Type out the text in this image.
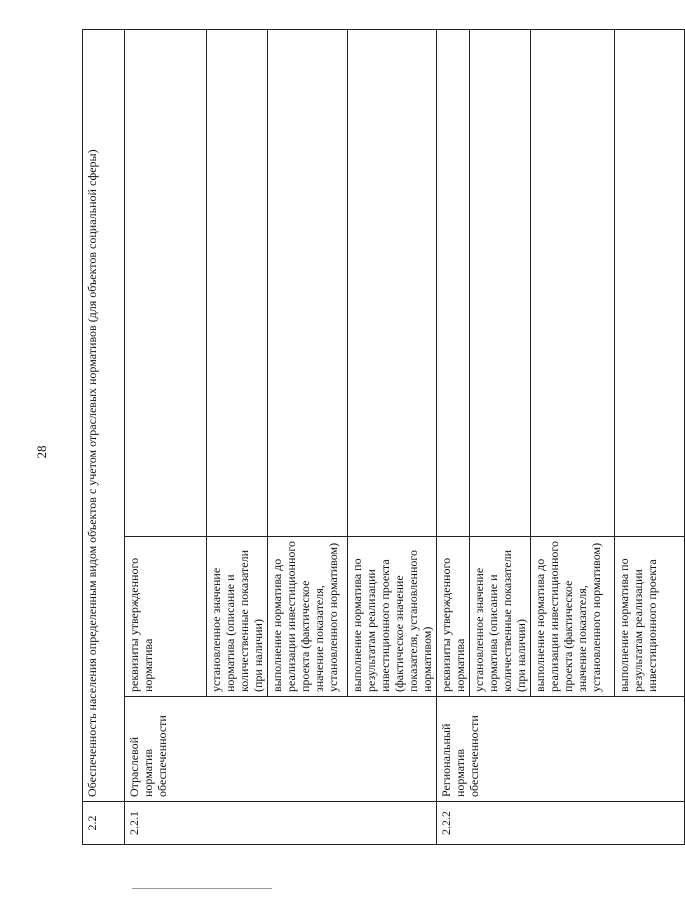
28
2.2	Обеспеченность населения определенным видом объектов с учетом отраслевых нормативов (для объектов социальной сферы)		
2.2.1	Отраслевой норматив обеспеченности	реквизиты утвержденного норматива	
		установленное значение норматива (описание и количественные показатели (при наличии)	
		выполнение норматива до реализации инвестиционного проекта (фактическое значение показателя, установленного нормативом)	
		выполнение норматива по результатам реализации инвестиционного проекта (фактическое значение показателя, установленного нормативом)	
2.2.2	Региональный норматив обеспеченности	реквизиты утвержденного норматива	
		установленное значение норматива (описание и количественные показатели (при наличии)	
		выполнение норматива до реализации инвестиционного проекта (фактическое значение показателя, установленного нормативом)	
		выполнение норматива по результатам реализации инвестиционного проекта	
